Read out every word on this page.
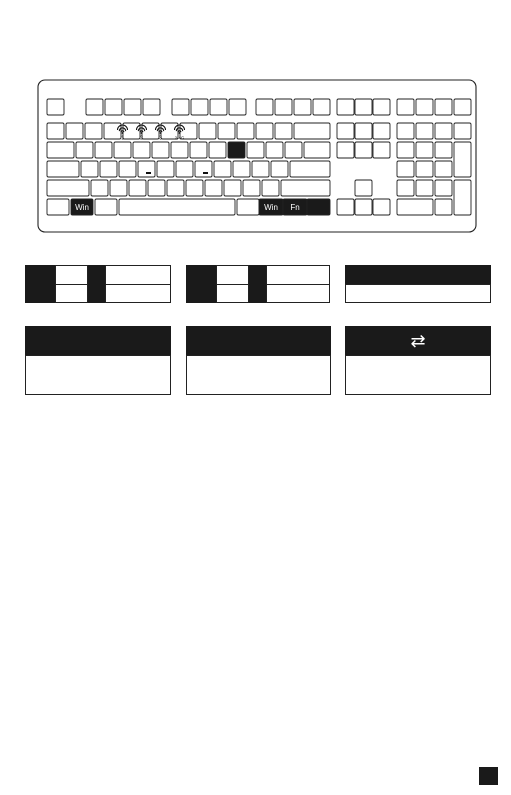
Win	Win Fn
1	2	3	2.4G
⇄
